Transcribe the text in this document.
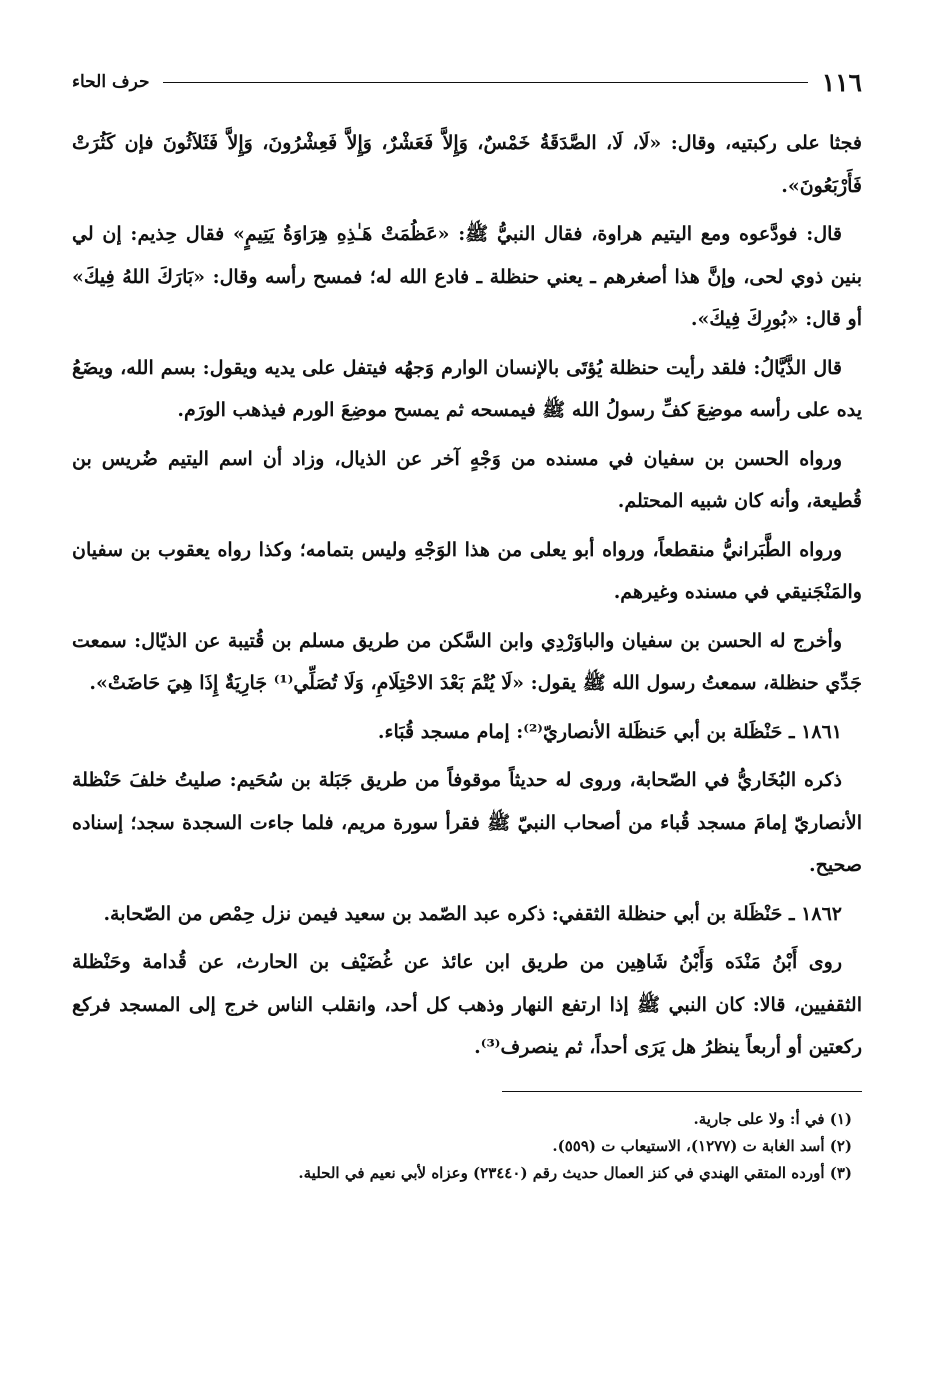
١١٦
حرف الحاء

فجثا على ركبتيه، وقال: «لَا، لَا، الصَّدَقَةُ خَمْسٌ، وَإِلاَّ فَعَشْرٌ، وَإِلاَّ فَعِشْرُونَ، وَإِلاَّ فَثَلاَثُونَ فإن كَثُرَتْ فَأَرْبَعُونَ».

قال: فودَّعوه ومع اليتيم هراوة، فقال النبيُّ ﷺ: «عَظُمَتْ هَـٰذِهِ هِرَاوَةُ يَتِيمٍ» فقال حِذيم: إن لي بنين ذوي لحى، وإنَّ هذا أصغرهم ـ يعني حنظلة ـ فادع الله له؛ فمسح رأسه وقال: «بَارَكَ اللهُ فِيكَ» أو قال: «بُورِكَ فِيكَ».

قال الذَّيَّالُ: فلقد رأيت حنظلة يُؤتَى بالإنسان الوارم وَجهُه فيتفل على يديه ويقول: بسم الله، ويضَعُ يده على رأسه موضِعَ كفِّ رسولُ الله ﷺ فيمسحه ثم يمسح موضِعَ الورم فيذهب الورَم.

ورواه الحسن بن سفيان في مسنده من وَجْهٍ آخر عن الذيال، وزاد أن اسم اليتيم ضُريس بن قُطيعة، وأنه كان شبيه المحتلم.

ورواه الطَّبَرانيُّ منقطعاً، ورواه أبو يعلى من هذا الوَجْهِ وليس بتمامه؛ وكذا رواه يعقوب بن سفيان والمَنْجَنيقي في مسنده وغيرهم.

وأخرج له الحسن بن سفيان والباوَرْدِي وابن السَّكن من طريق مسلم بن قُتيبة عن الذيّال: سمعت جَدِّي حنظلة، سمعتُ رسول الله ﷺ يقول: «لَا يُتْمَ بَعْدَ الاحْتِلَامِ، وَلَا تُصَلِّي⁽¹⁾ جَارِيَةٌ إِذَا هِيَ حَاضَتْ».

١٨٦١ ـ حَنْظَلة بن أبي حَنظَلة الأنصاريّ⁽²⁾: إمام مسجد قُبَاء.

ذكره البُخَاريُّ في الصّحابة، وروى له حديثاً موقوفاً من طريق جَبَلة بن سُحَيم: صليتُ خلفَ حَنْظلة الأنصاريّ إمامَ مسجد قُباء من أصحاب النبيّ ﷺ فقرأ سورة مريم، فلما جاءت السجدة سجد؛ إسناده صحيح.

١٨٦٢ ـ حَنْظَلة بن أبي حنظلة الثقفي: ذكره عبد الصّمد بن سعيد فيمن نزل حِمْص من الصّحابة.

روى أَبْنُ مَنْدَه وَأَبْنُ شَاهِين من طريق ابن عائذ عن غُضَيْف بن الحارث، عن قُدامة وحَنْظلة الثقفيين، قالا: كان النبي ﷺ إذا ارتفع النهار وذهب كل أحد، وانقلب الناس خرج إلى المسجد فركع ركعتين أو أربعاً ينظرُ هل يَرَى أحداً، ثم ينصرف⁽³⁾.

(١) في أ: ولا على جارية.
(٢) أسد الغابة ت (١٢٧٧)، الاستيعاب ت (٥٥٩).
(٣) أورده المتقي الهندي في كنز العمال حديث رقم (٢٣٤٤٠) وعزاه لأبي نعيم في الحلية.
